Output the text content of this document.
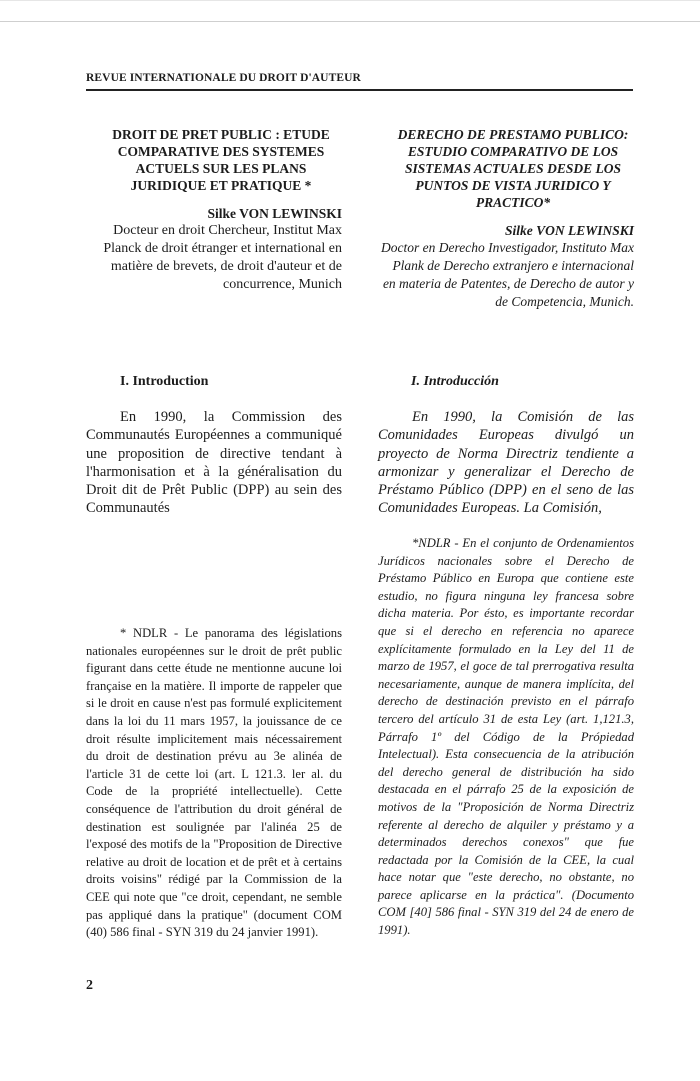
REVUE INTERNATIONALE DU DROIT D'AUTEUR

DROIT DE PRET PUBLIC : ETUDE COMPARATIVE DES SYSTEMES ACTUELS SUR LES PLANS JURIDIQUE ET PRATIQUE *

Silke VON LEWINSKI

Docteur en droit Chercheur, Institut Max Planck de droit étranger et international en matière de brevets, de droit d'auteur et de concurrence, Munich

DERECHO DE PRESTAMO PUBLICO: ESTUDIO COMPARATIVO DE LOS SISTEMAS ACTUALES DESDE LOS PUNTOS DE VISTA JURIDICO Y PRACTICO*

Silke VON LEWINSKI

Doctor en Derecho Investigador, Instituto Max Plank de Derecho extranjero e internacional en materia de Patentes, de Derecho de autor y de Competencia, Munich.

I. Introduction	I. Introducción

En 1990, la Commission des Communautés Européennes a communiqué une proposition de directive tendant à l'harmonisation et à la généralisation du Droit dit de Prêt Public (DPP) au sein des Communautés

En 1990, la Comisión de las Comunidades Europeas divulgó un proyecto de Norma Directriz tendiente a armonizar y generalizar el Derecho de Préstamo Público (DPP) en el seno de las Comunidades Europeas. La Comisión,

* NDLR - Le panorama des législations nationales européennes sur le droit de prêt public figurant dans cette étude ne mentionne aucune loi française en la matière. Il importe de rappeler que si le droit en cause n'est pas formulé explicitement dans la loi du 11 mars 1957, la jouissance de ce droit résulte implicitement mais nécessairement du droit de destination prévu au 3e alinéa de l'article 31 de cette loi (art. L 121.3. ler al. du Code de la propriété intellectuelle). Cette conséquence de l'attribution du droit général de destination est soulignée par l'alinéa 25 de l'exposé des motifs de la "Proposition de Directive relative au droit de location et de prêt et à certains droits voisins" rédigé par la Commission de la CEE qui note que "ce droit, cependant, ne semble pas appliqué dans la pratique" (document COM (40) 586 final - SYN 319 du 24 janvier 1991).

*NDLR - En el conjunto de Ordenamientos Jurídicos nacionales sobre el Derecho de Préstamo Público en Europa que contiene este estudio, no figura ninguna ley francesa sobre dicha materia. Por ésto, es importante recordar que si el derecho en referencia no aparece explícitamente formulado en la Ley del 11 de marzo de 1957, el goce de tal prerrogativa resulta necesariamente, aunque de manera implícita, del derecho de destinación previsto en el párrafo tercero del artículo 31 de esta Ley (art. 1,121.3, Párrafo 1º del Código de la Própiedad Intelectual). Esta consecuencia de la atribución del derecho general de distribución ha sido destacada en el párrafo 25 de la exposición de motivos de la "Proposición de Norma Directriz referente al derecho de alquiler y préstamo y a determinados derechos conexos" que fue redactada por la Comisión de la CEE, la cual hace notar que "este derecho, no obstante, no parece aplicarse en la práctica". (Documento COM [40] 586 final - SYN 319 del 24 de enero de 1991).

2
